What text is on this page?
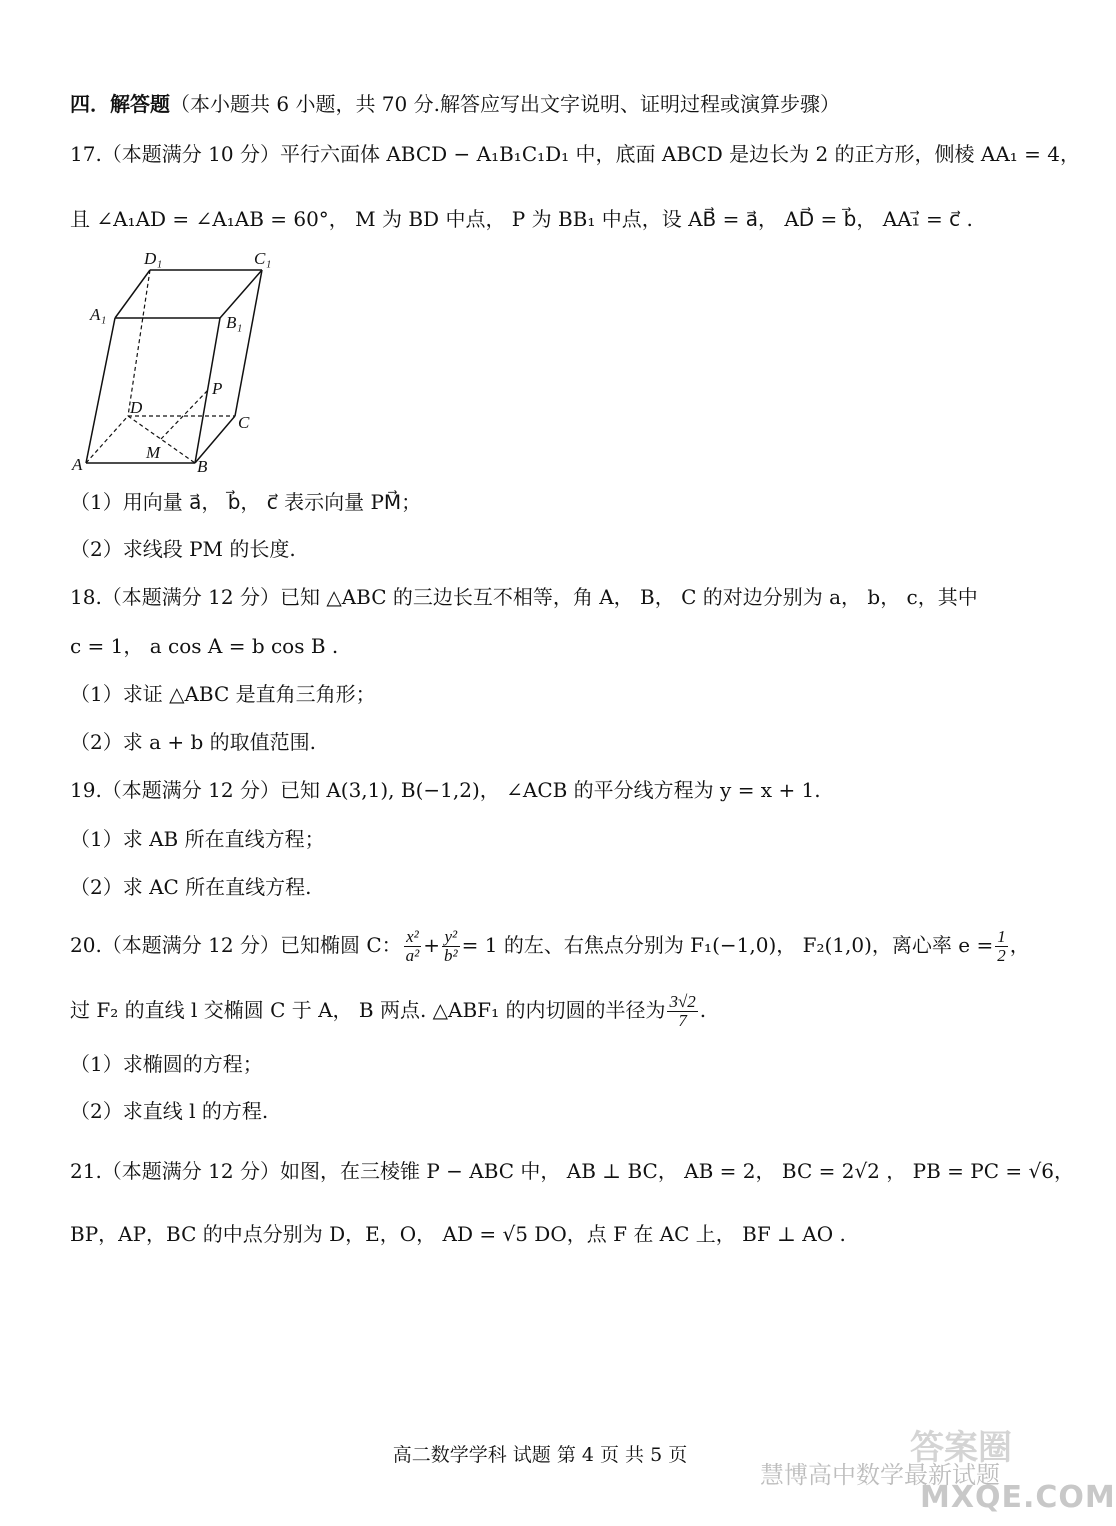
四．解答题（本小题共 6 小题，共 70 分.解答应写出文字说明、证明过程或演算步骤）
17.（本题满分 10 分）平行六面体 ABCD − A₁B₁C₁D₁ 中，底面 ABCD 是边长为 2 的正方形，侧棱 AA₁ = 4，
且 ∠A₁AD = ∠A₁AB = 60°， M 为 BD 中点， P 为 BB₁ 中点，设 AB⃗ = a⃗， AD⃗ = b⃗， AA₁⃗ = c⃗ .
D₁	C₁
A₁	B₁
P
D
C
A
M
B
（1）用向量 a⃗， b⃗， c⃗ 表示向量 PM⃗；
（2）求线段 PM 的长度.
18.（本题满分 12 分）已知 △ABC 的三边长互不相等，角 A， B， C 的对边分别为 a， b， c，其中
c = 1， a cos A = b cos B .
（1）求证 △ABC 是直角三角形；
（2）求 a + b 的取值范围.
19.（本题满分 12 分）已知 A(3,1), B(−1,2)， ∠ACB 的平分线方程为 y = x + 1.
（1）求 AB 所在直线方程；
（2）求 AC 所在直线方程.
20.（本题满分 12 分）已知椭圆 C： $\frac{\text{x²}}{\text{a²}} + \frac{\text{y²}}{\text{b²}} = 1$ 的左、右焦点分别为 F₁(−1,0)， F₂(1,0)，离心率 $e = \frac{1}{2}$ ，
过 F₂ 的直线 l 交椭圆 C 于 A， B 两点. △ABF₁ 的内切圆的半径为 $\frac{3√2}{7}$ .
（1）求椭圆的方程；
（2）求直线 l 的方程.
21.（本题满分 12 分）如图，在三棱锥 P − ABC 中， AB ⊥ BC， AB = 2， BC = 2√2 ， PB = PC = √6，
BP，AP，BC 的中点分别为 D，E，O， AD = √5 DO，点 F 在 AC 上， BF ⊥ AO .
高二数学学科 试题 第 4 页 共 5 页	答案圈
慧博高中数学最新试题
MXQE.COM
